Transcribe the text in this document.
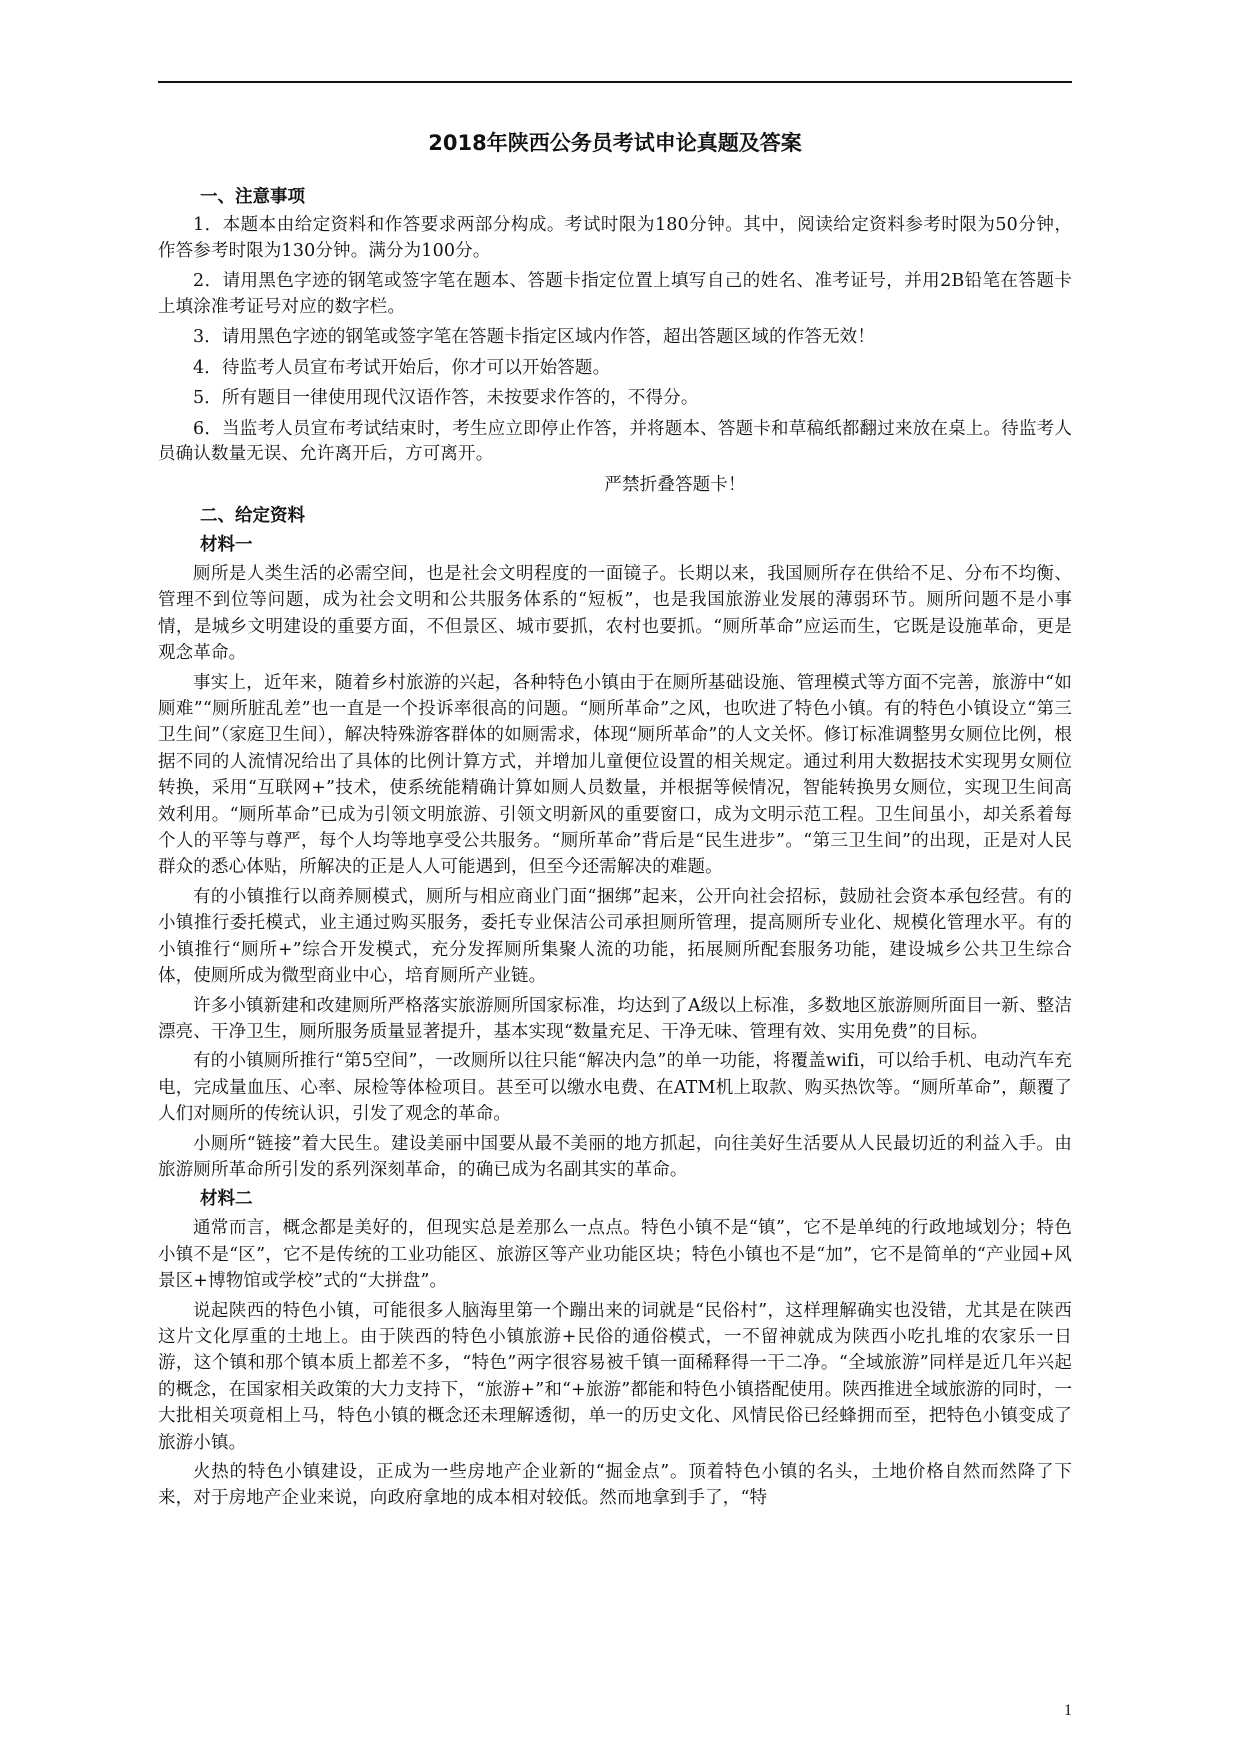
2018年陕西公务员考试申论真题及答案
一、注意事项

1．本题本由给定资料和作答要求两部分构成。考试时限为180分钟。其中，阅读给定资料参考时限为50分钟，作答参考时限为130分钟。满分为100分。

2．请用黑色字迹的钢笔或签字笔在题本、答题卡指定位置上填写自己的姓名、准考证号，并用2B铅笔在答题卡上填涂准考证号对应的数字栏。

3．请用黑色字迹的钢笔或签字笔在答题卡指定区域内作答，超出答题区域的作答无效！

4．待监考人员宣布考试开始后，你才可以开始答题。

5．所有题目一律使用现代汉语作答，未按要求作答的，不得分。

6．当监考人员宣布考试结束时，考生应立即停止作答，并将题本、答题卡和草稿纸都翻过来放在桌上。待监考人员确认数量无误、允许离开后，方可离开。

严禁折叠答题卡！

二、给定资料
材料一

厕所是人类生活的必需空间，也是社会文明程度的一面镜子。长期以来，我国厕所存在供给不足、分布不均衡、管理不到位等问题，成为社会文明和公共服务体系的“短板”，也是我国旅游业发展的薄弱环节。厕所问题不是小事情，是城乡文明建设的重要方面，不但景区、城市要抓，农村也要抓。“厕所革命”应运而生，它既是设施革命，更是观念革命。

事实上，近年来，随着乡村旅游的兴起，各种特色小镇由于在厕所基础设施、管理模式等方面不完善，旅游中“如厕难”“厕所脏乱差”也一直是一个投诉率很高的问题。“厕所革命”之风，也吹进了特色小镇。有的特色小镇设立“第三卫生间”（家庭卫生间），解决特殊游客群体的如厕需求，体现“厕所革命”的人文关怀。修订标准调整男女厕位比例，根据不同的人流情况给出了具体的比例计算方式，并增加儿童便位设置的相关规定。通过利用大数据技术实现男女厕位转换，采用“互联网+”技术，使系统能精确计算如厕人员数量，并根据等候情况，智能转换男女厕位，实现卫生间高效利用。“厕所革命”已成为引领文明旅游、引领文明新风的重要窗口，成为文明示范工程。卫生间虽小，却关系着每个人的平等与尊严，每个人均等地享受公共服务。“厕所革命”背后是“民生进步”。“第三卫生间”的出现，正是对人民群众的悉心体贴，所解决的正是人人可能遇到，但至今还需解决的难题。

有的小镇推行以商养厕模式，厕所与相应商业门面“捆绑”起来，公开向社会招标，鼓励社会资本承包经营。有的小镇推行委托模式，业主通过购买服务，委托专业保洁公司承担厕所管理，提高厕所专业化、规模化管理水平。有的小镇推行“厕所+”综合开发模式，充分发挥厕所集聚人流的功能，拓展厕所配套服务功能，建设城乡公共卫生综合体，使厕所成为微型商业中心，培育厕所产业链。

许多小镇新建和改建厕所严格落实旅游厕所国家标准，均达到了A级以上标准，多数地区旅游厕所面目一新、整洁漂亮、干净卫生，厕所服务质量显著提升，基本实现“数量充足、干净无味、管理有效、实用免费”的目标。

有的小镇厕所推行“第5空间”，一改厕所以往只能“解决内急”的单一功能，将覆盖wifi，可以给手机、电动汽车充电，完成量血压、心率、尿检等体检项目。甚至可以缴水电费、在ATM机上取款、购买热饮等。“厕所革命”，颠覆了人们对厕所的传统认识，引发了观念的革命。

小厕所“链接”着大民生。建设美丽中国要从最不美丽的地方抓起，向往美好生活要从人民最切近的利益入手。由旅游厕所革命所引发的系列深刻革命，的确已成为名副其实的革命。

材料二

通常而言，概念都是美好的，但现实总是差那么一点点。特色小镇不是“镇”，它不是单纯的行政地域划分；特色小镇不是“区”，它不是传统的工业功能区、旅游区等产业功能区块；特色小镇也不是“加”，它不是简单的“产业园+风景区+博物馆或学校”式的“大拼盘”。

说起陕西的特色小镇，可能很多人脑海里第一个蹦出来的词就是“民俗村”，这样理解确实也没错，尤其是在陕西这片文化厚重的土地上。由于陕西的特色小镇旅游+民俗的通俗模式，一不留神就成为陕西小吃扎堆的农家乐一日游，这个镇和那个镇本质上都差不多，“特色”两字很容易被千镇一面稀释得一干二净。“全域旅游”同样是近几年兴起的概念，在国家相关政策的大力支持下，“旅游+”和“+旅游”都能和特色小镇搭配使用。陕西推进全域旅游的同时，一大批相关项竟相上马，特色小镇的概念还未理解透彻，单一的历史文化、风情民俗已经蜂拥而至，把特色小镇变成了旅游小镇。

火热的特色小镇建设，正成为一些房地产企业新的“掘金点”。顶着特色小镇的名头，土地价格自然而然降了下来，对于房地产企业来说，向政府拿地的成本相对较低。然而地拿到手了，“特

1
